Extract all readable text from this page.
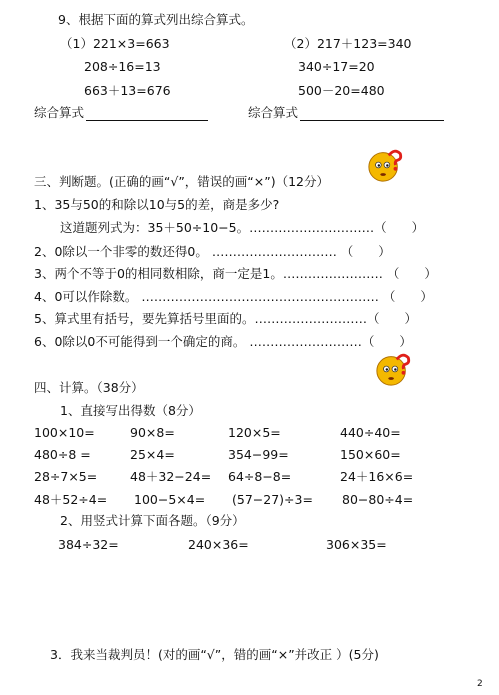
9、根据下面的算式列出综合算式。
（1）221×3=663	（2）217＋123=340
208÷16=13	340÷17=20
663＋13=676	500－20=480
综合算式	综合算式
三、判断题。(正确的画“√”，错误的画“×”)（12分）
1、35与50的和除以10与5的差，商是多少?
这道题列式为：35＋50÷10−5。…………………………（　　）
2、0除以一个非零的数还得0。 ………………………… （　　）
3、两个不等于0的相同数相除，商一定是1。…………………… （　　）
4、0可以作除数。 ………………………………………………… （　　）
5、算式里有括号，要先算括号里面的。………………………（　　）
6、0除以0不可能得到一个确定的商。 ………………………（　　）
四、计算。（38分）
1、直接写出得数（8分）
100×10=	90×8=	120×5=	440÷40=
480÷8 =	25×4=	354−99=	150×60=
28÷7×5=	48＋32−24= 64÷8−8=	24＋16×6=
48＋52÷4= 100−5×4= (57−27)÷3= 80−80÷4=
2、用竖式计算下面各题。（9分）
384÷32=	240×36=	306×35=
3．我来当裁判员！(对的画“√”，错的画“×”并改正 ）(5分)
2
